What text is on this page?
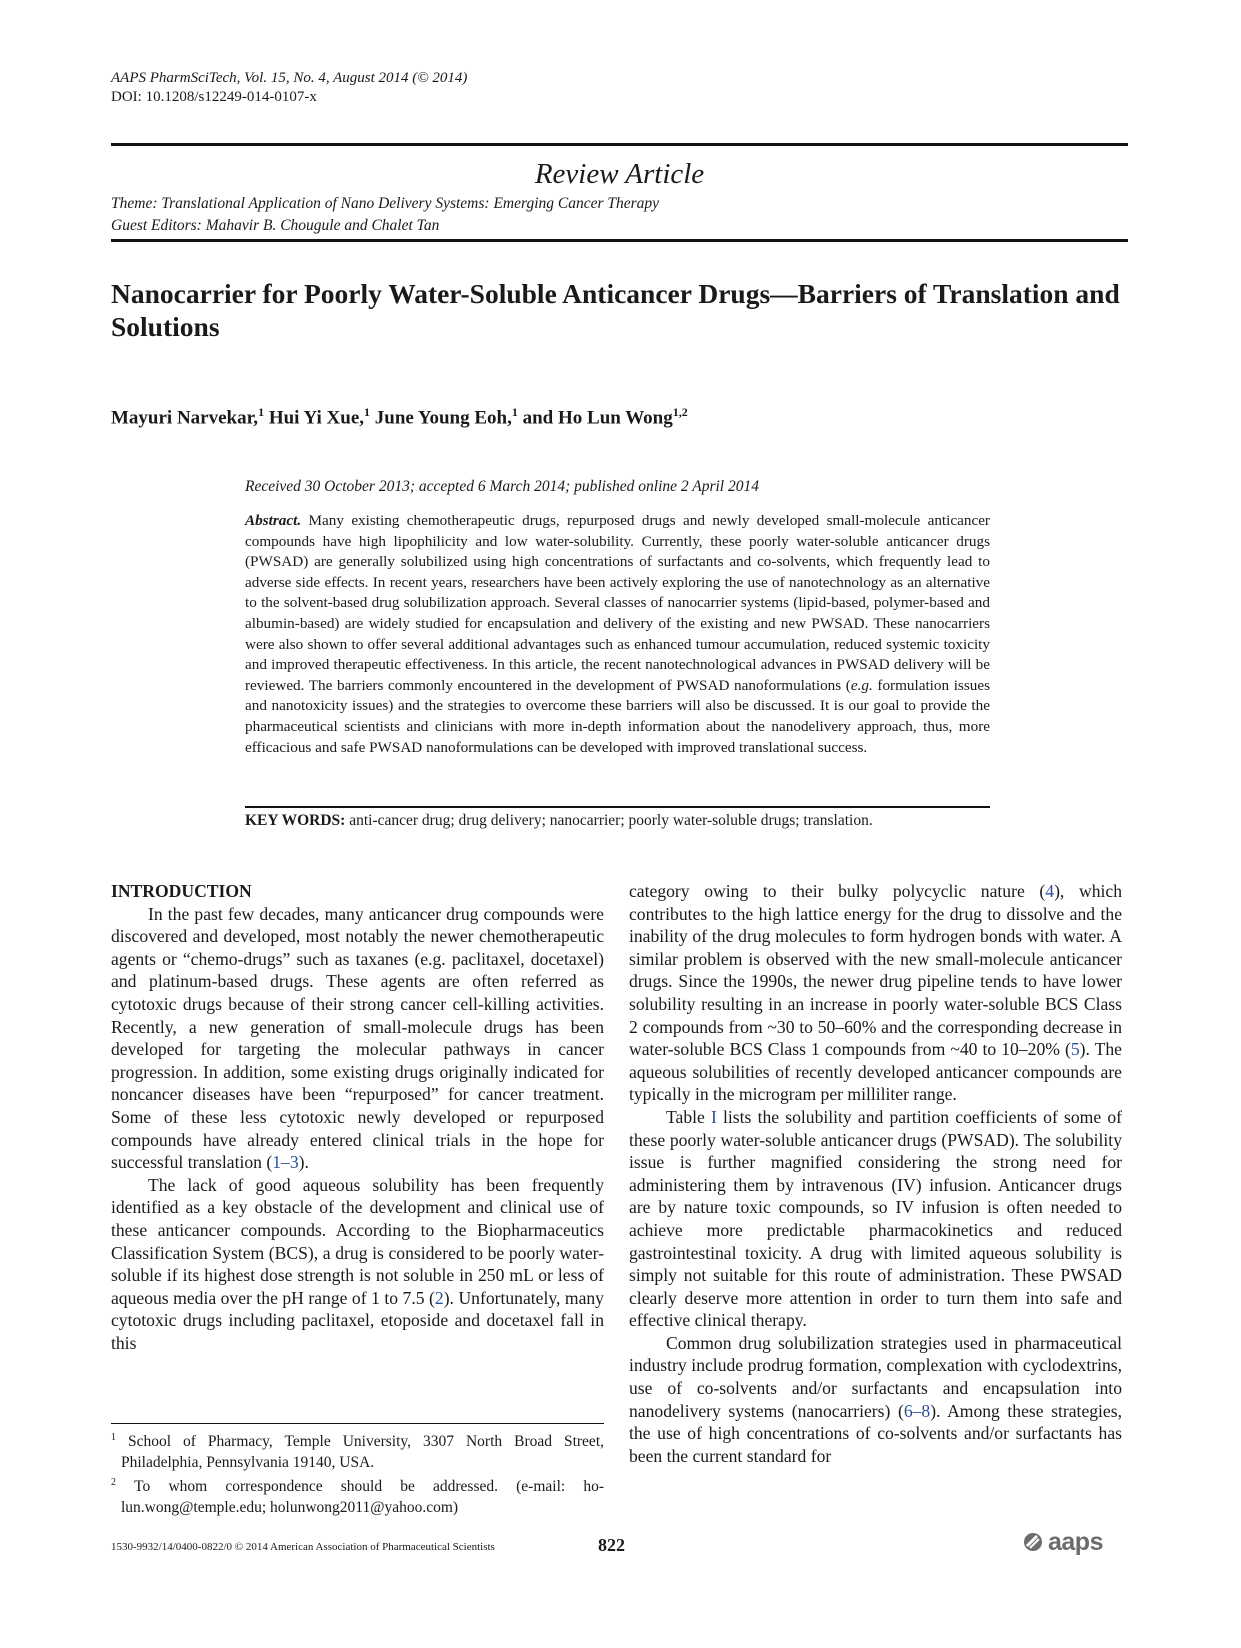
AAPS PharmSciTech, Vol. 15, No. 4, August 2014 (© 2014)
DOI: 10.1208/s12249-014-0107-x
Review Article
Theme: Translational Application of Nano Delivery Systems: Emerging Cancer Therapy
Guest Editors: Mahavir B. Chougule and Chalet Tan
Nanocarrier for Poorly Water-Soluble Anticancer Drugs—Barriers of Translation and Solutions
Mayuri Narvekar,$^1$ Hui Yi Xue,$^1$ June Young Eoh,$^1$ and Ho Lun Wong$^{1,2}$
Received 30 October 2013; accepted 6 March 2014; published online 2 April 2014
Abstract. Many existing chemotherapeutic drugs, repurposed drugs and newly developed small-molecule anticancer compounds have high lipophilicity and low water-solubility. Currently, these poorly water-soluble anticancer drugs (PWSAD) are generally solubilized using high concentrations of surfactants and co-solvents, which frequently lead to adverse side effects. In recent years, researchers have been actively exploring the use of nanotechnology as an alternative to the solvent-based drug solubilization approach. Several classes of nanocarrier systems (lipid-based, polymer-based and albumin-based) are widely studied for encapsulation and delivery of the existing and new PWSAD. These nanocarriers were also shown to offer several additional advantages such as enhanced tumour accumulation, reduced systemic toxicity and improved therapeutic effectiveness. In this article, the recent nanotechnological advances in PWSAD delivery will be reviewed. The barriers commonly encountered in the development of PWSAD nanoformulations (e.g. formulation issues and nanotoxicity issues) and the strategies to overcome these barriers will also be discussed. It is our goal to provide the pharmaceutical scientists and clinicians with more in-depth information about the nanodelivery approach, thus, more efficacious and safe PWSAD nanoformulations can be developed with improved translational success.
KEY WORDS: anti-cancer drug; drug delivery; nanocarrier; poorly water-soluble drugs; translation.

INTRODUCTION

In the past few decades, many anticancer drug compounds were discovered and developed, most notably the newer chemotherapeutic agents or “chemo-drugs” such as taxanes (e.g. paclitaxel, docetaxel) and platinum-based drugs. These agents are often referred as cytotoxic drugs because of their strong cancer cell-killing activities. Recently, a new generation of small-molecule drugs has been developed for targeting the molecular pathways in cancer progression. In addition, some existing drugs originally indicated for noncancer diseases have been “repurposed” for cancer treatment. Some of these less cytotoxic newly developed or repurposed compounds have already entered clinical trials in the hope for successful translation (1–3).

The lack of good aqueous solubility has been frequently identified as a key obstacle of the development and clinical use of these anticancer compounds. According to the Biopharmaceutics Classification System (BCS), a drug is considered to be poorly water-soluble if its highest dose strength is not soluble in 250 mL or less of aqueous media over the pH range of 1 to 7.5 (2). Unfortunately, many cytotoxic drugs including paclitaxel, etoposide and docetaxel fall in this

category owing to their bulky polycyclic nature (4), which contributes to the high lattice energy for the drug to dissolve and the inability of the drug molecules to form hydrogen bonds with water. A similar problem is observed with the new small-molecule anticancer drugs. Since the 1990s, the newer drug pipeline tends to have lower solubility resulting in an increase in poorly water-soluble BCS Class 2 compounds from ~30 to 50–60% and the corresponding decrease in water-soluble BCS Class 1 compounds from ~40 to 10–20% (5). The aqueous solubilities of recently developed anticancer compounds are typically in the microgram per milliliter range.

Table I lists the solubility and partition coefficients of some of these poorly water-soluble anticancer drugs (PWSAD). The solubility issue is further magnified considering the strong need for administering them by intravenous (IV) infusion. Anticancer drugs are by nature toxic compounds, so IV infusion is often needed to achieve more predictable pharmacokinetics and reduced gastrointestinal toxicity. A drug with limited aqueous solubility is simply not suitable for this route of administration. These PWSAD clearly deserve more attention in order to turn them into safe and effective clinical therapy.

Common drug solubilization strategies used in pharmaceutical industry include prodrug formation, complexation with cyclodextrins, use of co-solvents and/or surfactants and encapsulation into nanodelivery systems (nanocarriers) (6–8). Among these strategies, the use of high concentrations of co-solvents and/or surfactants has been the current standard for

$^1$ School of Pharmacy, Temple University, 3307 North Broad Street, Philadelphia, Pennsylvania 19140, USA.
$^2$ To whom correspondence should be addressed. (e-mail: ho-lun.wong@temple.edu; holunwong2011@yahoo.com)
1530-9932/14/0400-0822/0 © 2014 American Association of Pharmaceutical Scientists	822	aaps
